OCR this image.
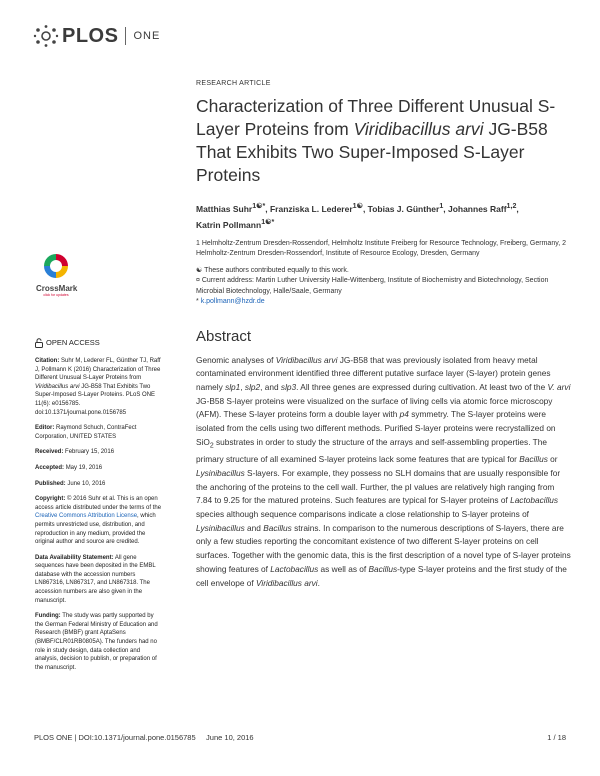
PLOS ONE
CrossMark
click for updates
OPEN ACCESS

Citation: Suhr M, Lederer FL, Günther TJ, Raff J, Pollmann K (2016) Characterization of Three Different Unusual S-Layer Proteins from Viridibacillus arvi JG-B58 That Exhibits Two Super-Imposed S-Layer Proteins. PLoS ONE 11(6): e0156785. doi:10.1371/journal.pone.0156785

Editor: Raymond Schuch, ContraFect Corporation, UNITED STATES

Received: February 15, 2016

Accepted: May 19, 2016

Published: June 10, 2016

Copyright: © 2016 Suhr et al. This is an open access article distributed under the terms of the Creative Commons Attribution License, which permits unrestricted use, distribution, and reproduction in any medium, provided the original author and source are credited.

Data Availability Statement: All gene sequences have been deposited in the EMBL database with the accession numbers LN867316, LN867317, and LN867318. The accession numbers are also given in the manuscript.

Funding: The study was partly supported by the German Federal Ministry of Education and Research (BMBF) grant AptaSens (BMBF/CLR01RB0805A). The funders had no role in study design, data collection and analysis, decision to publish, or preparation of the manuscript.

RESEARCH ARTICLE
Characterization of Three Different Unusual S-Layer Proteins from Viridibacillus arvi JG-B58 That Exhibits Two Super-Imposed S-Layer Proteins
Matthias Suhr$^{1☯*}$, Franziska L. Lederer$^{1☯}$, Tobias J. Günther$^1$, Johannes Raff$^{1,2}$,
Katrin Pollmann$^{1☯*}$
1 Helmholtz-Zentrum Dresden-Rossendorf, Helmholtz Institute Freiberg for Resource Technology, Freiberg, Germany, 2 Helmholtz-Zentrum Dresden-Rossendorf, Institute of Resource Ecology, Dresden, Germany
☯ These authors contributed equally to this work.
¤ Current address: Martin Luther University Halle-Wittenberg, Institute of Biochemistry and Biotechnology, Section Microbial Biotechnology, Halle/Saale, Germany
* k.pollmann@hzdr.de
Abstract
Genomic analyses of Viridibacillus arvi JG-B58 that was previously isolated from heavy metal contaminated environment identified three different putative surface layer (S-layer) protein genes namely slp1, slp2, and slp3. All three genes are expressed during cultivation. At least two of the V. arvi JG-B58 S-layer proteins were visualized on the surface of living cells via atomic force microscopy (AFM). These S-layer proteins form a double layer with p4 symmetry. The S-layer proteins were isolated from the cells using two different methods. Purified S-layer proteins were recrystallized on SiO$_2$ substrates in order to study the structure of the arrays and self-assembling properties. The primary structure of all examined S-layer proteins lack some features that are typical for Bacillus or Lysinibacillus S-layers. For example, they possess no SLH domains that are usually responsible for the anchoring of the proteins to the cell wall. Further, the pI values are relatively high ranging from 7.84 to 9.25 for the matured proteins. Such features are typical for S-layer proteins of Lactobacillus species although sequence comparisons indicate a close relationship to S-layer proteins of Lysinibacillus and Bacillus strains. In comparison to the numerous descriptions of S-layers, there are only a few studies reporting the concomitant existence of two different S-layer proteins on cell surfaces. Together with the genomic data, this is the first description of a novel type of S-layer proteins showing features of Lactobacillus as well as of Bacillus-type S-layer proteins and the first study of the cell envelope of Viridibacillus arvi.
PLOS ONE | DOI:10.1371/journal.pone.0156785     June 10, 2016	1 / 18
